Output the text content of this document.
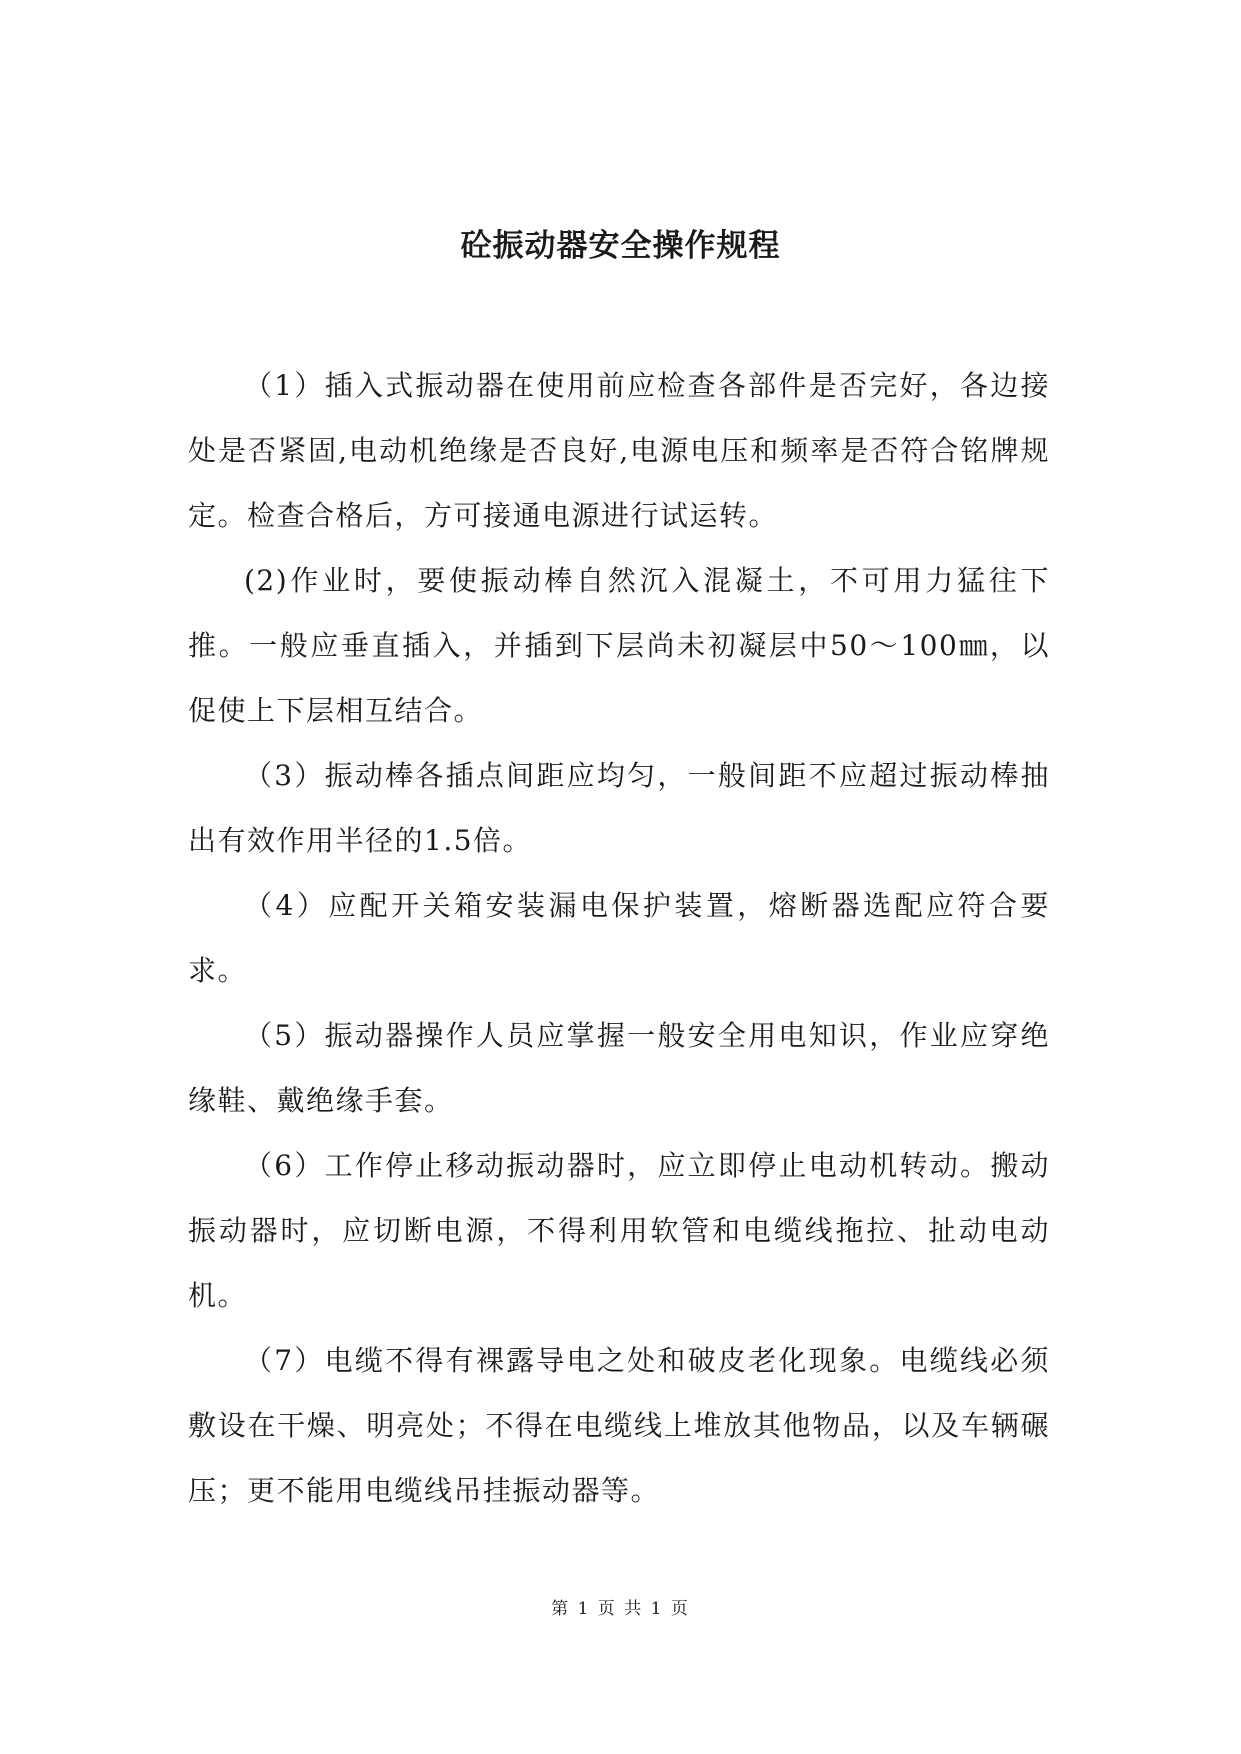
砼振动器安全操作规程

（1）插入式振动器在使用前应检查各部件是否完好，各边接处是否紧固,电动机绝缘是否良好,电源电压和频率是否符合铭牌规定。检查合格后，方可接通电源进行试运转。

(2)作业时，要使振动棒自然沉入混凝土，不可用力猛往下推。一般应垂直插入，并插到下层尚未初凝层中50～100㎜，以促使上下层相互结合。

（3）振动棒各插点间距应均匀，一般间距不应超过振动棒抽出有效作用半径的1.5倍。

（4）应配开关箱安装漏电保护装置，熔断器选配应符合要求。

（5）振动器操作人员应掌握一般安全用电知识，作业应穿绝缘鞋、戴绝缘手套。

（6）工作停止移动振动器时，应立即停止电动机转动。搬动振动器时，应切断电源，不得利用软管和电缆线拖拉、扯动电动机。

（7）电缆不得有裸露导电之处和破皮老化现象。电缆线必须敷设在干燥、明亮处；不得在电缆线上堆放其他物品，以及车辆碾压；更不能用电缆线吊挂振动器等。

第 1 页 共 1 页
